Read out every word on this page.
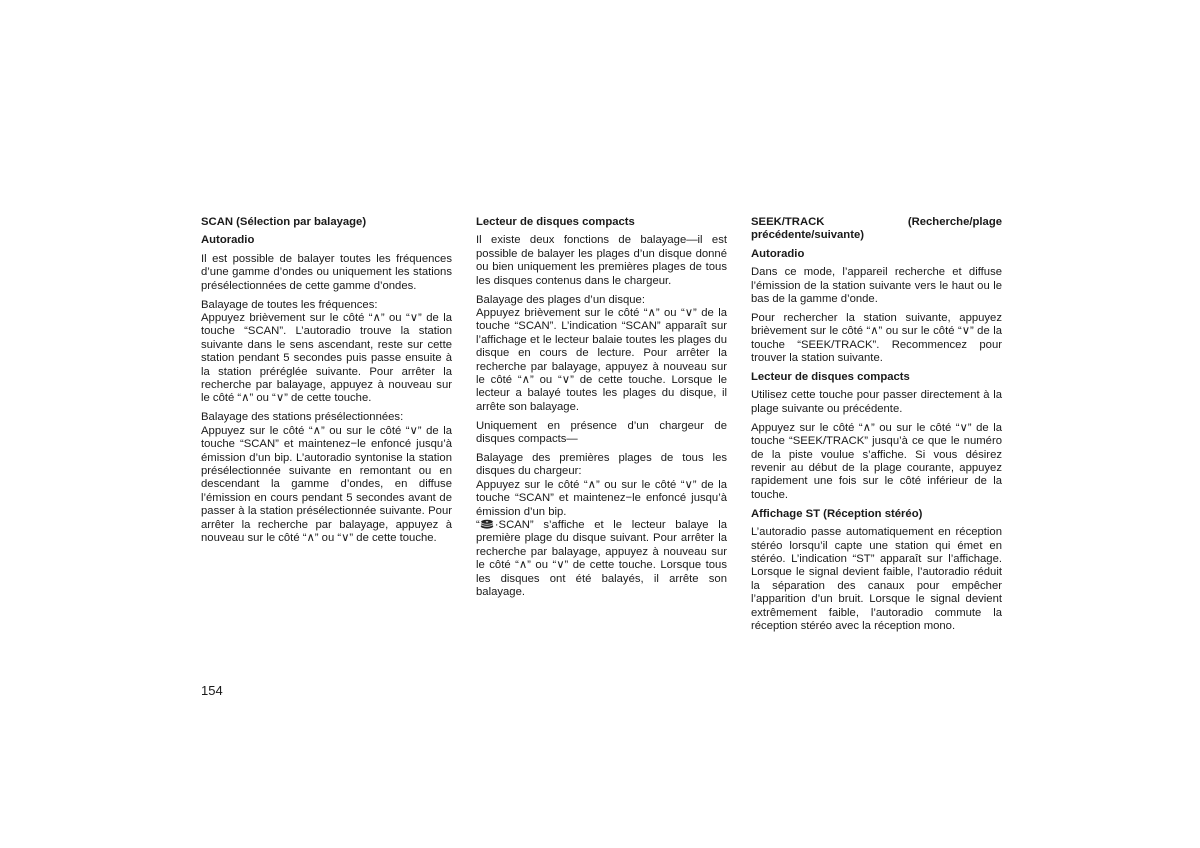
SCAN (Sélection par balayage)

Autoradio

Il est possible de balayer toutes les fréquences d’une gamme d’ondes ou uniquement les stations présélectionnées de cette gamme d’ondes.

Balayage de toutes les fréquences:
Appuyez brièvement sur le côté “∧” ou “∨” de la touche “SCAN”. L’autoradio trouve la station suivante dans le sens ascendant, reste sur cette station pendant 5 secondes puis passe ensuite à la station préréglée suivante. Pour arrêter la recherche par balayage, appuyez à nouveau sur le côté “∧” ou “∨” de cette touche.

Balayage des stations présélectionnées:
Appuyez sur le côté “∧” ou sur le côté “∨” de la touche “SCAN” et maintenez−le enfoncé jusqu’à émission d’un bip. L’autoradio syntonise la station présélectionnée suivante en remontant ou en descendant la gamme d’ondes, en diffuse l’émission en cours pendant 5 secondes avant de passer à la station présélectionnée suivante. Pour arrêter la recherche par balayage, appuyez à nouveau sur le côté “∧” ou “∨” de cette touche.

Lecteur de disques compacts

Il existe deux fonctions de balayage—il est possible de balayer les plages d’un disque donné ou bien uniquement les premières plages de tous les disques contenus dans le chargeur.

Balayage des plages d’un disque:
Appuyez brièvement sur le côté “∧” ou “∨” de la touche “SCAN”. L’indication “SCAN” apparaît sur l’affichage et le lecteur balaie toutes les plages du disque en cours de lecture. Pour arrêter la recherche par balayage, appuyez à nouveau sur le côté “∧” ou “∨” de cette touche. Lorsque le lecteur a balayé toutes les plages du disque, il arrête son balayage.

Uniquement en présence d’un chargeur de disques compacts—

Balayage des premières plages de tous les disques du chargeur:
Appuyez sur le côté “∧” ou sur le côté “∨” de la touche “SCAN” et maintenez−le enfoncé jusqu’à émission d’un bip.
“ ·SCAN” s’affiche et le lecteur balaye la première plage du disque suivant. Pour arrêter la recherche par balayage, appuyez à nouveau sur le côté “∧” ou “∨” de cette touche. Lorsque tous les disques ont été balayés, il arrête son balayage.

SEEK/TRACK (Recherche/plage précédente/suivante)

Autoradio

Dans ce mode, l’appareil recherche et diffuse l’émission de la station suivante vers le haut ou le bas de la gamme d’onde.

Pour rechercher la station suivante, appuyez brièvement sur le côté “∧” ou sur le côté “∨” de la touche “SEEK/TRACK”. Recommencez pour trouver la station suivante.

Lecteur de disques compacts

Utilisez cette touche pour passer directement à la plage suivante ou précédente.

Appuyez sur le côté “∧” ou sur le côté “∨” de la touche “SEEK/TRACK” jusqu’à ce que le numéro de la piste voulue s’affiche. Si vous désirez revenir au début de la plage courante, appuyez rapidement une fois sur le côté inférieur de la touche.

Affichage ST (Réception stéréo)

L’autoradio passe automatiquement en réception stéréo lorsqu’il capte une station qui émet en stéréo. L’indication “ST” apparaît sur l’affichage. Lorsque le signal devient faible, l’autoradio réduit la séparation des canaux pour empêcher l’apparition d’un bruit. Lorsque le signal devient extrêmement faible, l’autoradio commute la réception stéréo avec la réception mono.

154
